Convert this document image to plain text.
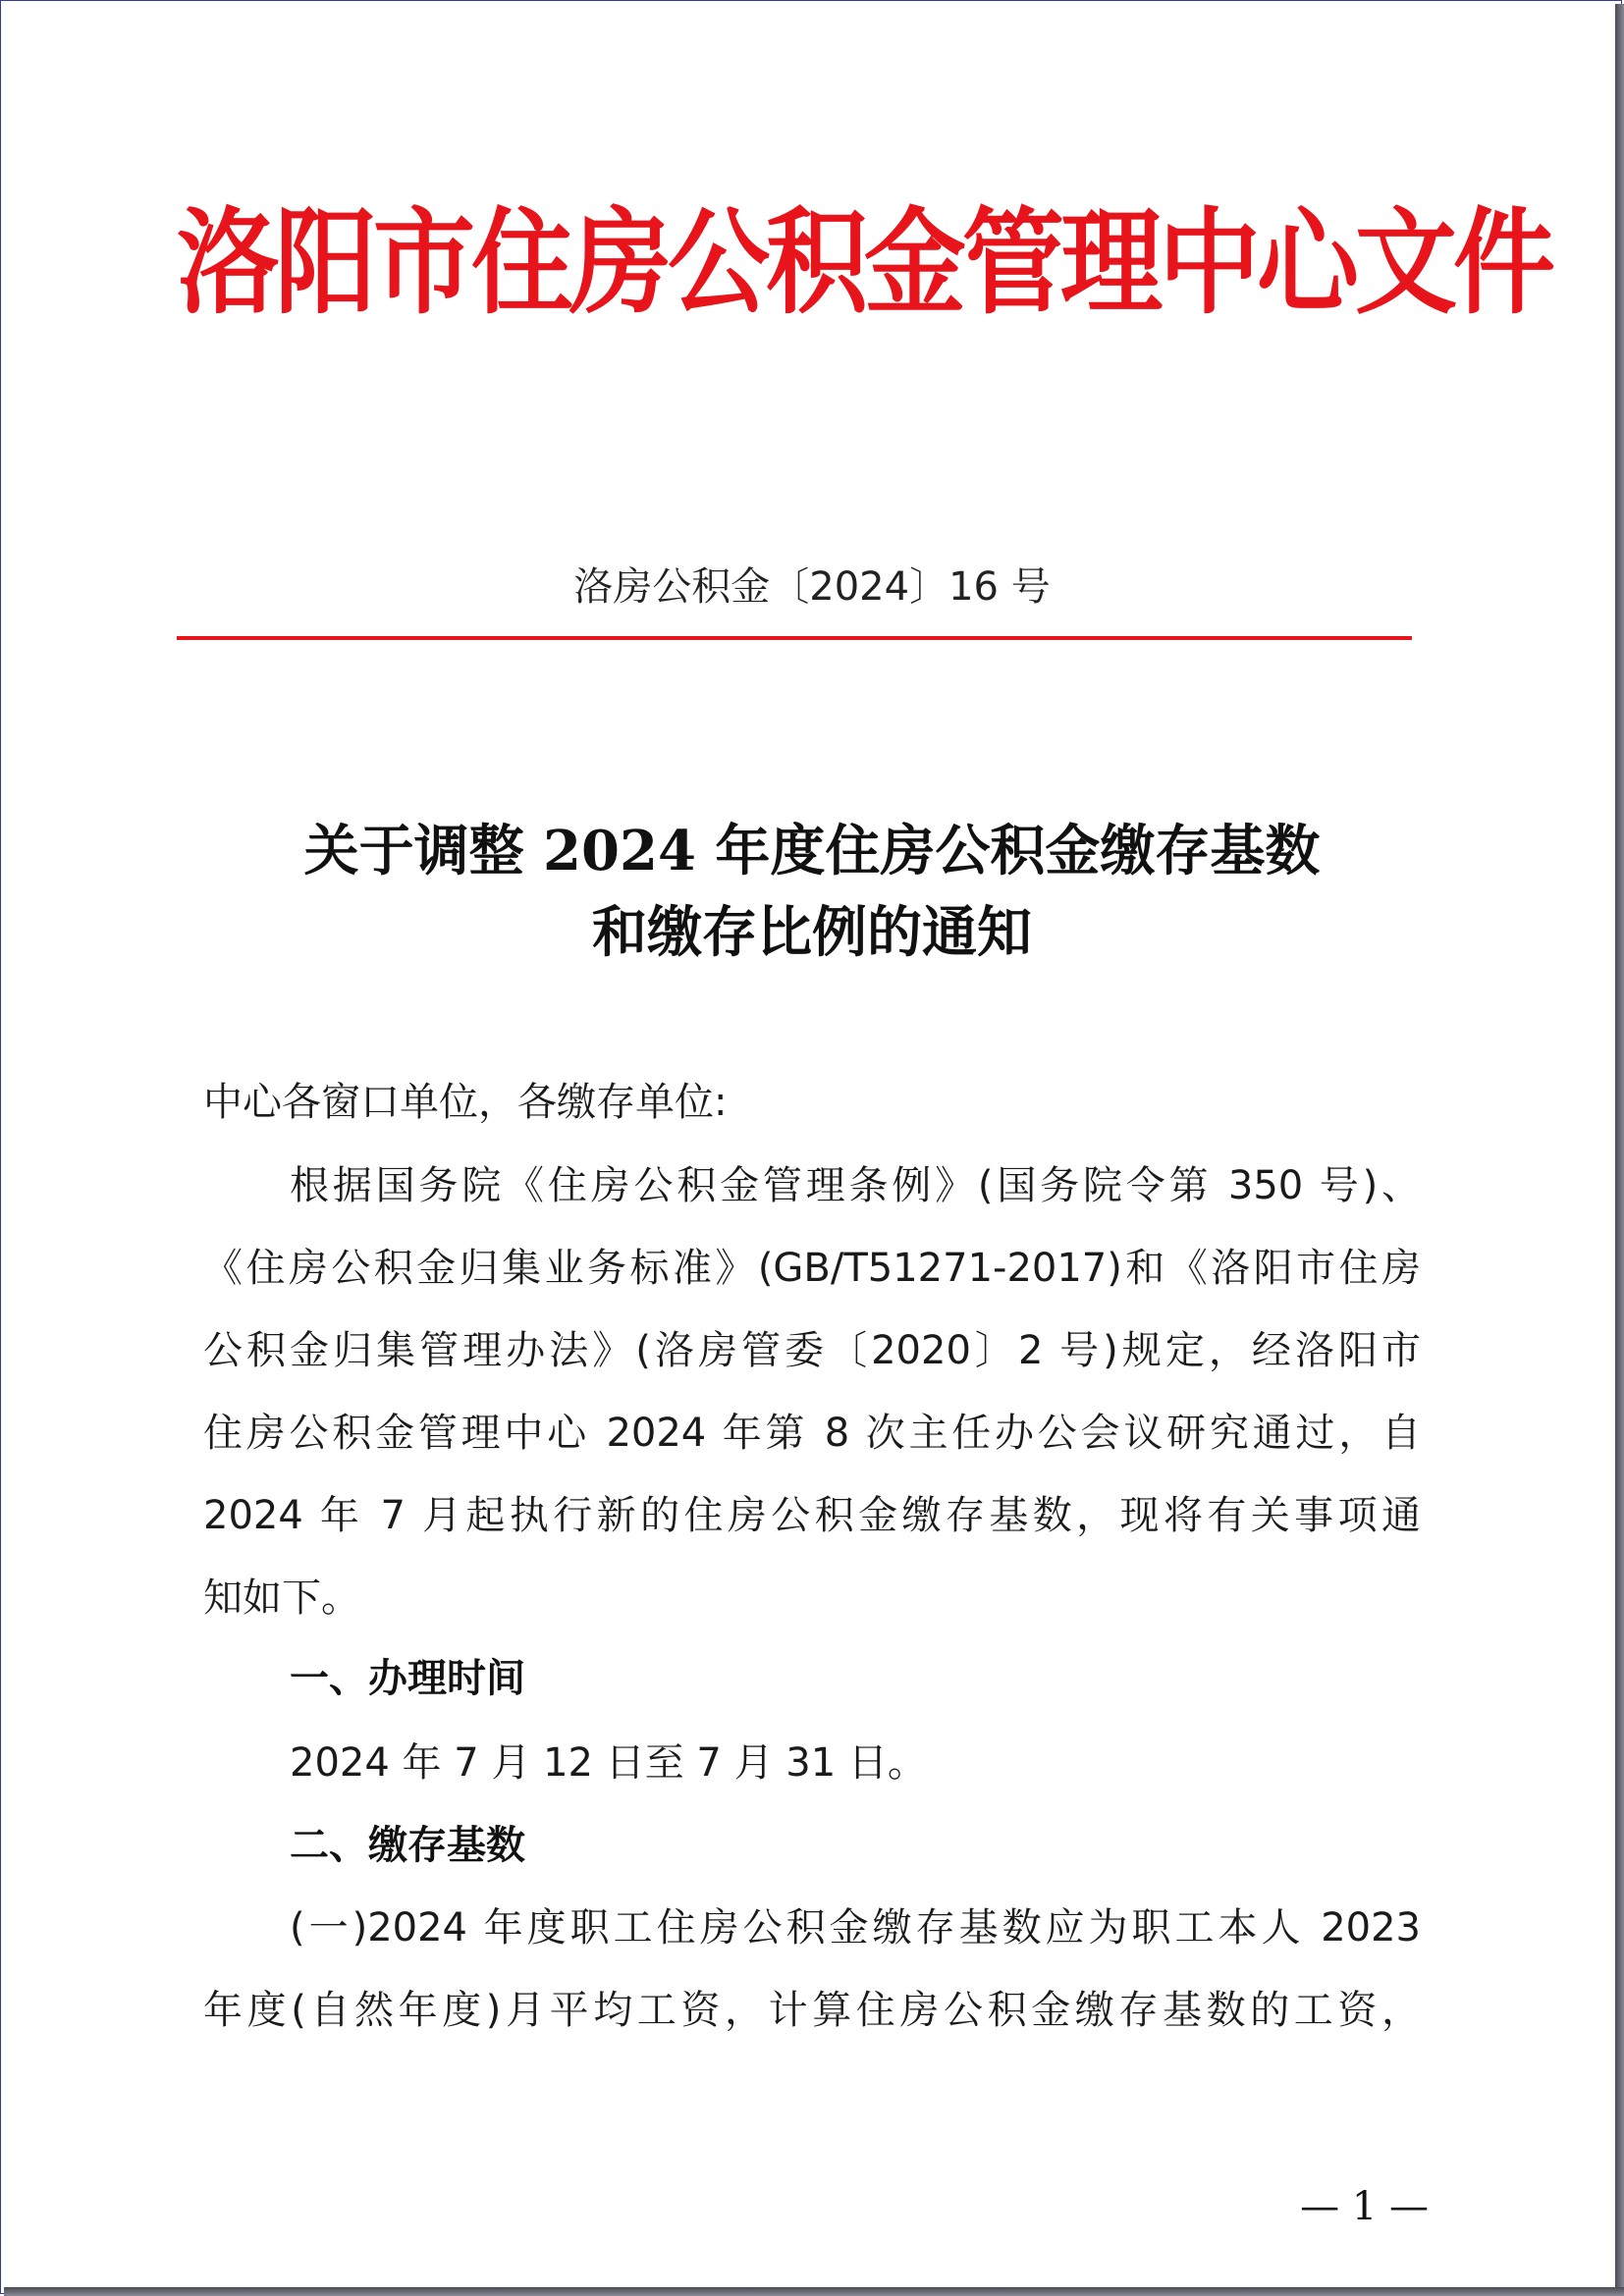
洛阳市住房公积金管理中心文件
洛房公积金〔2024〕16 号
关于调整 2024 年度住房公积金缴存基数
和缴存比例的通知
中心各窗口单位，各缴存单位:
根据国务院《住房公积金管理条例》(国务院令第 350 号)、
《住房公积金归集业务标准》(GB/T51271-2017)和《洛阳市住房
公积金归集管理办法》(洛房管委〔2020〕2 号)规定，经洛阳市
住房公积金管理中心 2024 年第 8 次主任办公会议研究通过，自
2024 年 7 月起执行新的住房公积金缴存基数，现将有关事项通
知如下。
一、办理时间
2024 年 7 月 12 日至 7 月 31 日。
二、缴存基数
(一)2024 年度职工住房公积金缴存基数应为职工本人 2023
年度(自然年度)月平均工资，计算住房公积金缴存基数的工资，
— 1 —
